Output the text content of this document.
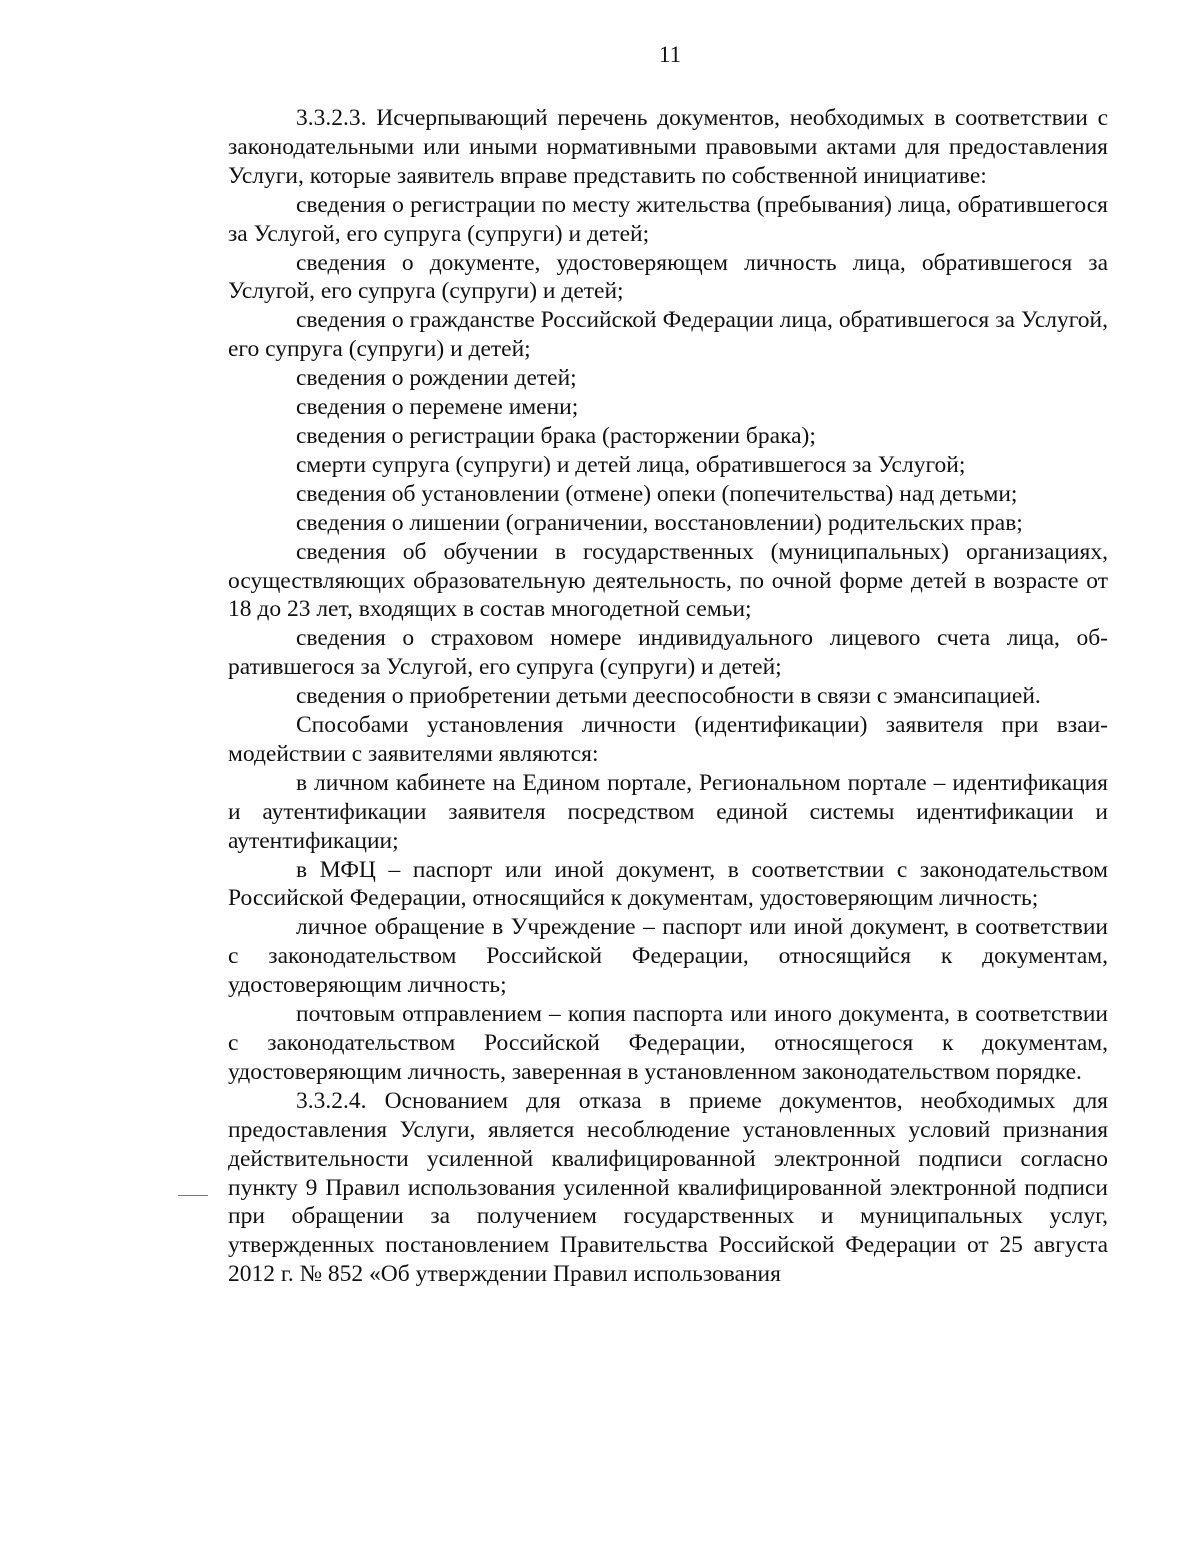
11

3.3.2.3. Исчерпывающий перечень документов, необходимых в соответствии с законодательными или иными нормативными правовыми актами для предоставления Услуги, которые заявитель вправе представить по собственной инициативе:

сведения о регистрации по месту жительства (пребывания) лица, обратившегося за Услугой, его супруга (супруги) и детей;

сведения о документе, удостоверяющем личность лица, обратившегося за Услугой, его супруга (супруги) и детей;

сведения о гражданстве Российской Федерации лица, обратившегося за Услугой, его супруга (супруги) и детей;

сведения о рождении детей;

сведения о перемене имени;

сведения о регистрации брака (расторжении брака);

смерти супруга (супруги) и детей лица, обратившегося за Услугой;

сведения об установлении (отмене) опеки (попечительства) над детьми;

сведения о лишении (ограничении, восстановлении) родительских прав;

сведения об обучении в государственных (муниципальных) организациях, осуществляющих образовательную деятельность, по очной форме детей в возрасте от 18 до 23 лет, входящих в состав многодетной семьи;

сведения о страховом номере индивидуального лицевого счета лица, обратившегося за Услугой, его супруга (супруги) и детей;

сведения о приобретении детьми дееспособности в связи с эмансипацией.

Способами установления личности (идентификации) заявителя при взаимодействии с заявителями являются:

в личном кабинете на Едином портале, Региональном портале – идентификация и аутентификации заявителя посредством единой системы идентификации и аутентификации;

в МФЦ – паспорт или иной документ, в соответствии с законодательством Российской Федерации, относящийся к документам, удостоверяющим личность;

личное обращение в Учреждение – паспорт или иной документ, в соответствии с законодательством Российской Федерации, относящийся к документам, удостоверяющим личность;

почтовым отправлением – копия паспорта или иного документа, в соответствии с законодательством Российской Федерации, относящегося к документам, удостоверяющим личность, заверенная в установленном законодательством порядке.

3.3.2.4. Основанием для отказа в приеме документов, необходимых для предоставления Услуги, является несоблюдение установленных условий признания действительности усиленной квалифицированной электронной подписи согласно пункту 9 Правил использования усиленной квалифицированной электронной подписи при обращении за получением государственных и муниципальных услуг, утвержденных постановлением Правительства Российской Федерации от 25 августа 2012 г. № 852 «Об утверждении Правил использования
